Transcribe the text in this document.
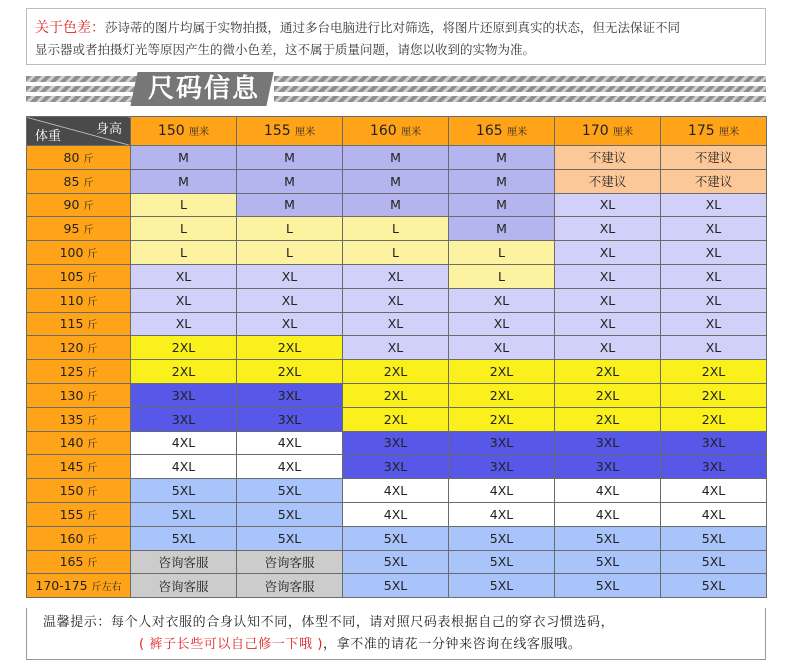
关于色差：莎诗蒂的图片均属于实物拍摄，通过多台电脑进行比对筛选，将图片还原到真实的状态，但无法保证不同
显示器或者拍摄灯光等原因产生的微小色差，这不属于质量问题，请您以收到的实物为准。
尺码信息
身高
体重	150 厘米	155 厘米	160 厘米	165 厘米	170 厘米	175 厘米
80 斤	M	M	M	M	不建议	不建议
85 斤	M	M	M	M	不建议	不建议
90 斤	L	M	M	M	XL	XL
95 斤	L	L	L	M	XL	XL
100 斤	L	L	L	L	XL	XL
105 斤	XL	XL	XL	L	XL	XL
110 斤	XL	XL	XL	XL	XL	XL
115 斤	XL	XL	XL	XL	XL	XL
120 斤	2XL	2XL	XL	XL	XL	XL
125 斤	2XL	2XL	2XL	2XL	2XL	2XL
130 斤	3XL	3XL	2XL	2XL	2XL	2XL
135 斤	3XL	3XL	2XL	2XL	2XL	2XL
140 斤	4XL	4XL	3XL	3XL	3XL	3XL
145 斤	4XL	4XL	3XL	3XL	3XL	3XL
150 斤	5XL	5XL	4XL	4XL	4XL	4XL
155 斤	5XL	5XL	4XL	4XL	4XL	4XL
160 斤	5XL	5XL	5XL	5XL	5XL	5XL
165 斤	咨询客服	咨询客服	5XL	5XL	5XL	5XL
170-175 斤左右	咨询客服	咨询客服	5XL	5XL	5XL	5XL
温馨提示：每个人对衣服的合身认知不同，体型不同，请对照尺码表根据自己的穿衣习惯选码，
( 裤子长些可以自己修一下哦 )，拿不准的请花一分钟来咨询在线客服哦。
